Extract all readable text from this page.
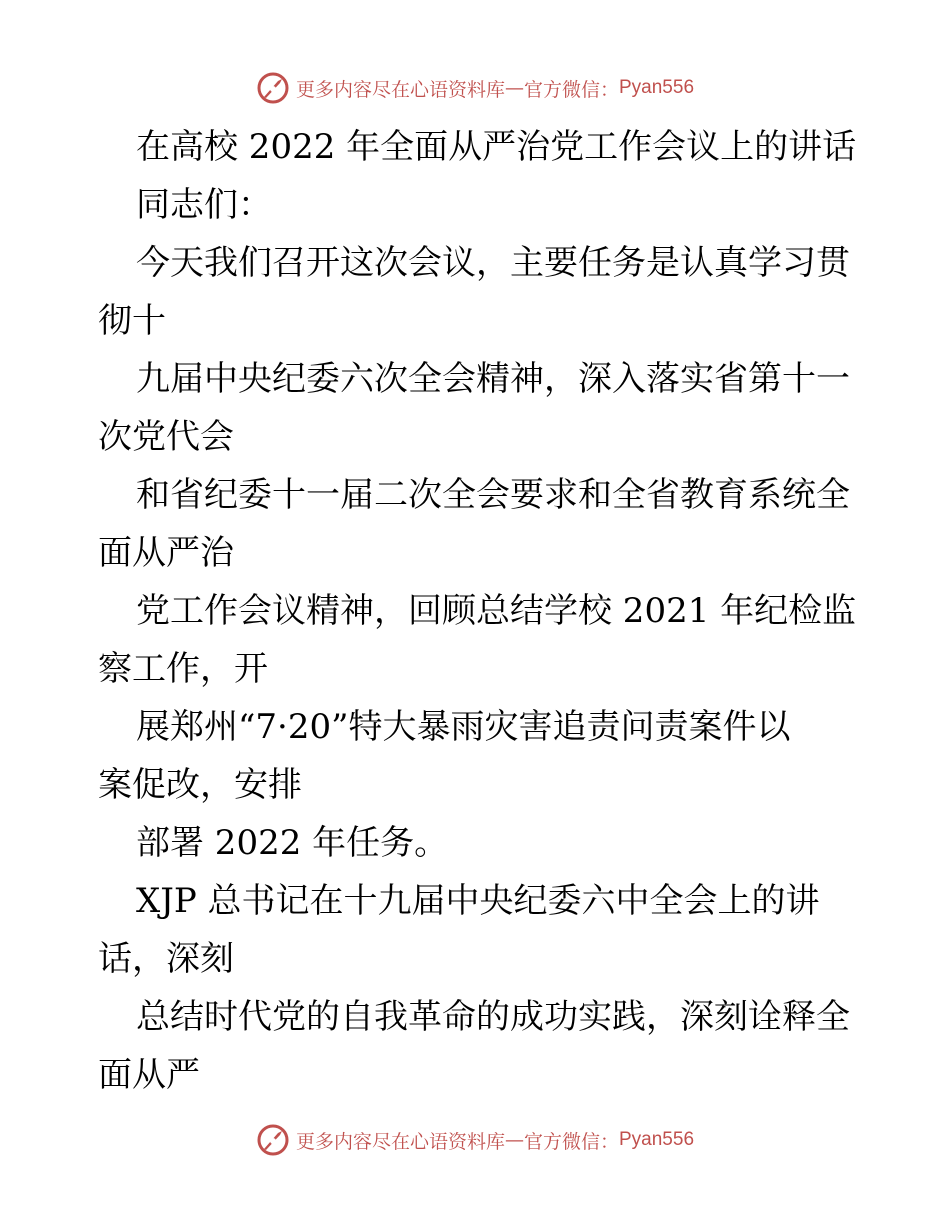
更多内容尽在心语资料库 — 官方微信： Pyan556
在高校 2022 年全面从严治党工作会议上的讲话
同志们：
今天我们召开这次会议，主要任务是认真学习贯
彻十
九届中央纪委六次全会精神，深入落实省第十一
次党代会
和省纪委十一届二次全会要求和全省教育系统全
面从严治
党工作会议精神，回顾总结学校 2021 年纪检监
察工作，开
展郑州“7·20”特大暴雨灾害追责问责案件以
案促改，安排
部署 2022 年任务。
XJP 总书记在十九届中央纪委六中全会上的讲
话，深刻
总结时代党的自我革命的成功实践，深刻诠释全
面从严
更多内容尽在心语资料库 — 官方微信： Pyan556
